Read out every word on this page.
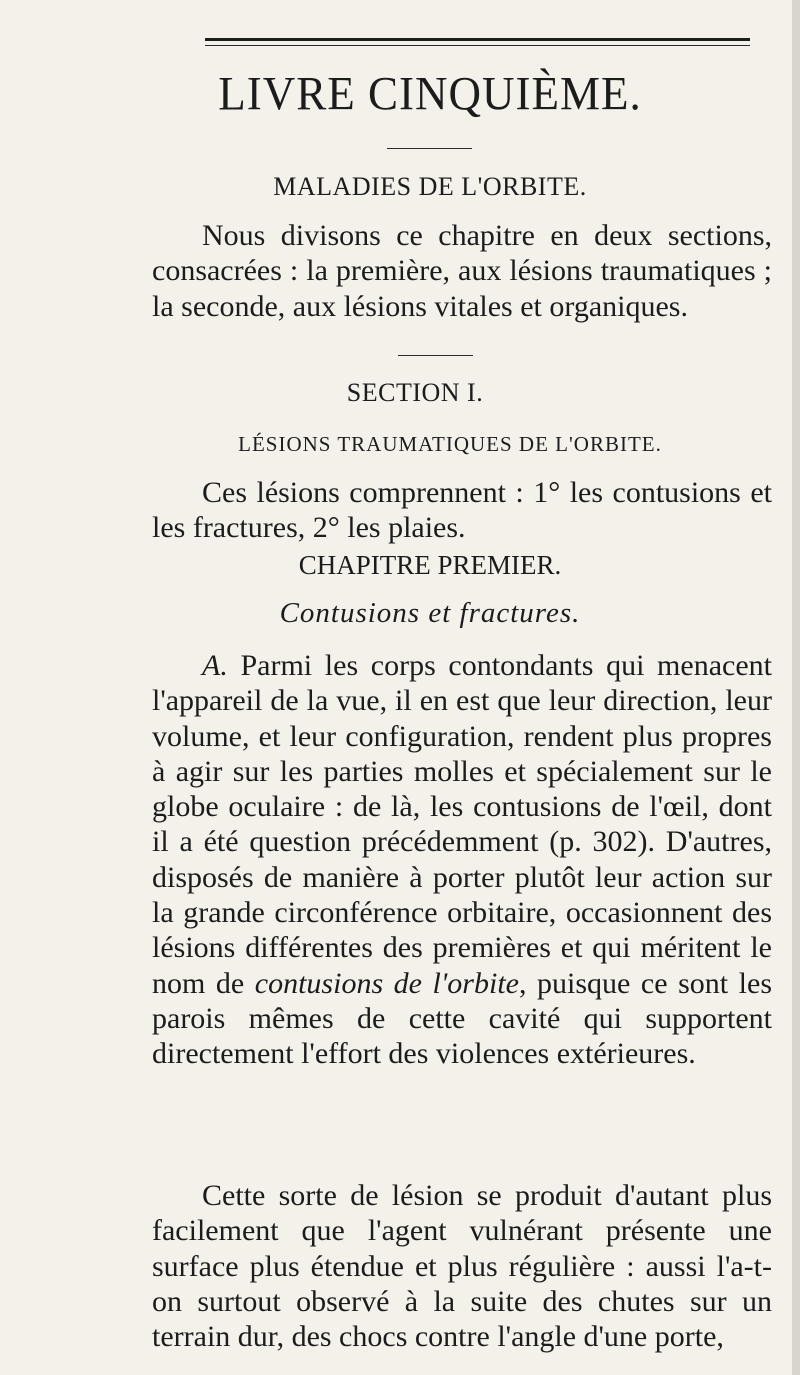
LIVRE CINQUIÈME.
MALADIES DE L'ORBITE.

Nous divisons ce chapitre en deux sections, consacrées : la première, aux lésions traumatiques ; la seconde, aux lésions vitales et organiques.

SECTION I.
LÉSIONS TRAUMATIQUES DE L'ORBITE.

Ces lésions comprennent : 1° les contusions et les fractures, 2° les plaies.

CHAPITRE PREMIER.
Contusions et fractures.

A. Parmi les corps contondants qui menacent l'appareil de la vue, il en est que leur direction, leur volume, et leur configuration, rendent plus propres à agir sur les parties molles et spécialement sur le globe oculaire : de là, les contusions de l'œil, dont il a été question précédemment (p. 302). D'autres, disposés de manière à porter plutôt leur action sur la grande circonférence orbitaire, occasionnent des lésions différentes des premières et qui méritent le nom de contusions de l'orbite, puisque ce sont les parois mêmes de cette cavité qui supportent directement l'effort des violences extérieures.

Cette sorte de lésion se produit d'autant plus facilement que l'agent vulnérant présente une surface plus étendue et plus régulière : aussi l'a-t-on surtout observé à la suite des chutes sur un terrain dur, des chocs contre l'angle d'une porte,
